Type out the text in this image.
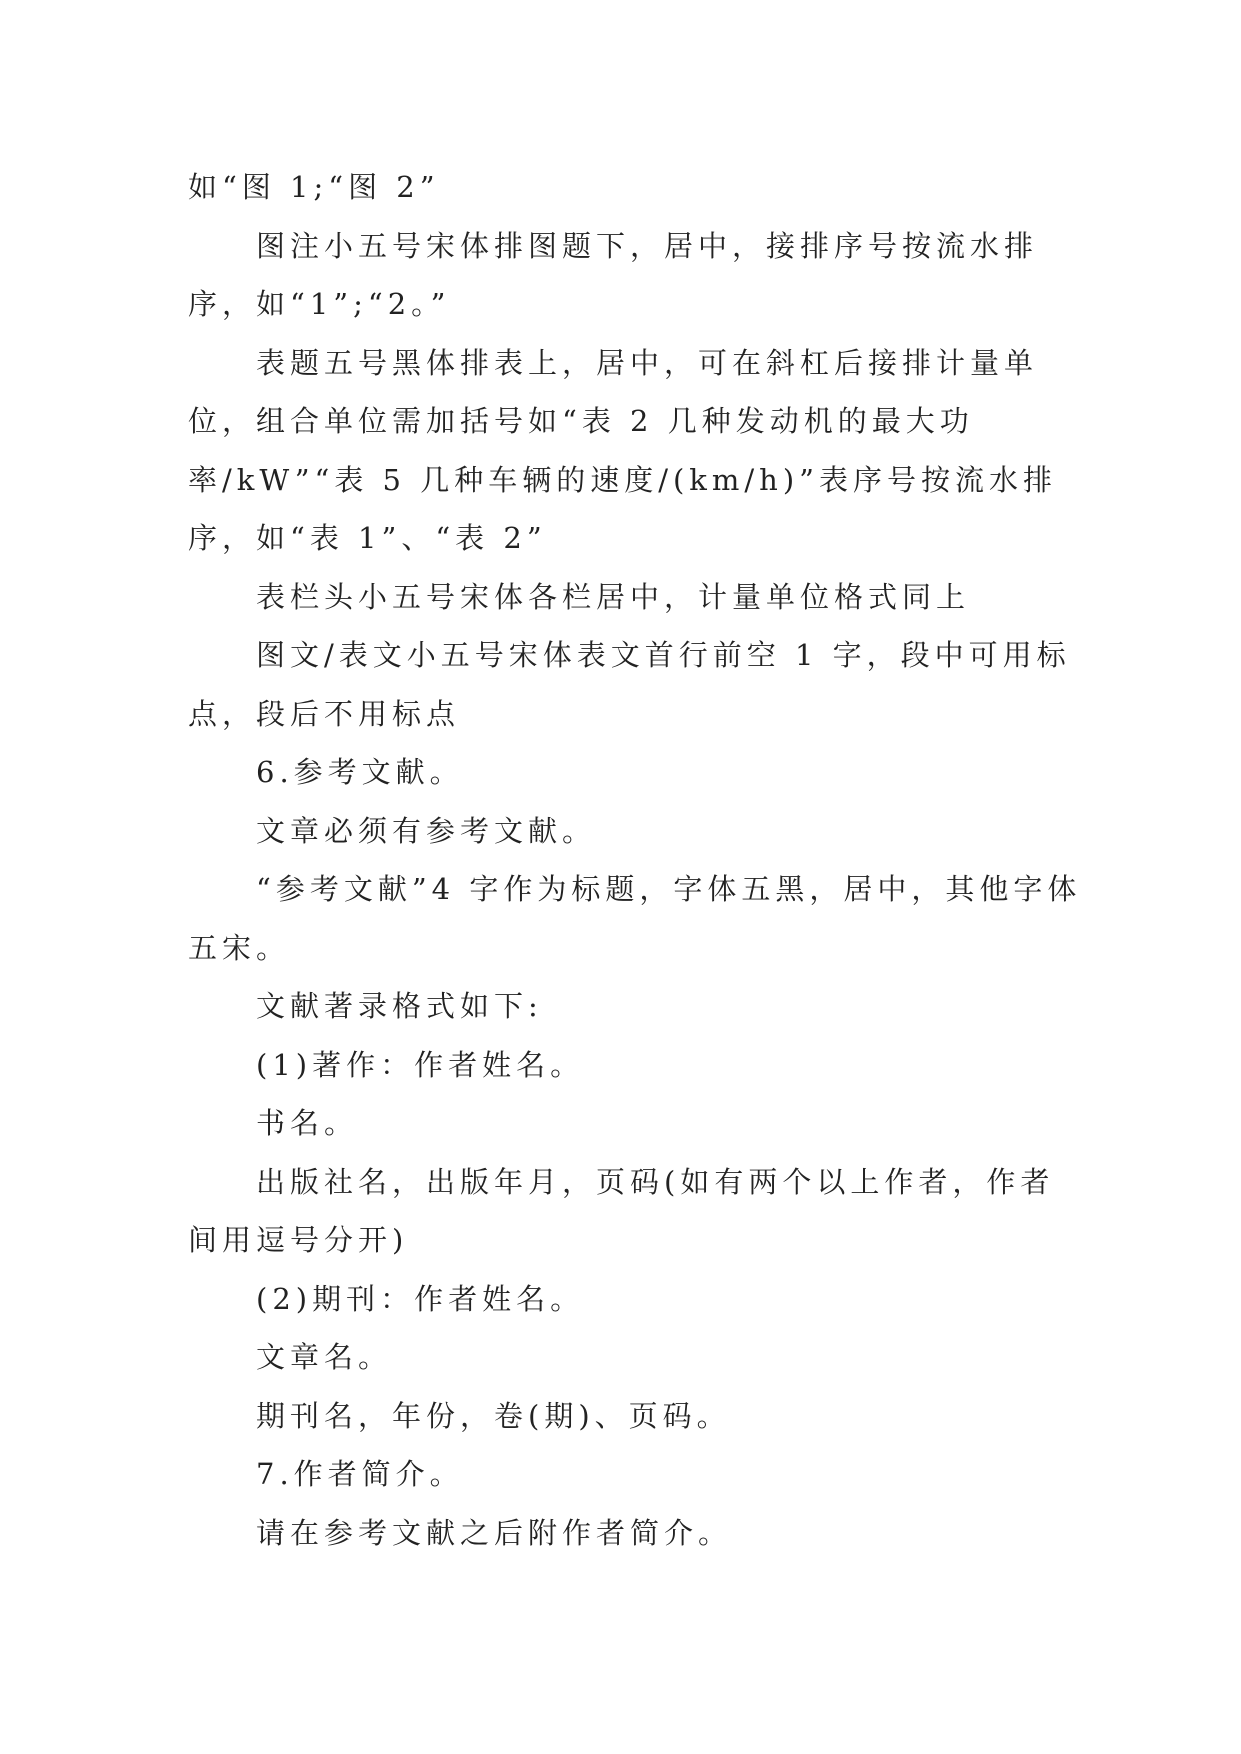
如“图 1;“图 2”

图注小五号宋体排图题下，居中，接排序号按流水排序，如“1”;“2。”

表题五号黑体排表上，居中，可在斜杠后接排计量单位，组合单位需加括号如“表 2 几种发动机的最大功率/kW”“表 5 几种车辆的速度/(km/h)”表序号按流水排序，如“表 1”、“表 2”

表栏头小五号宋体各栏居中，计量单位格式同上

图文/表文小五号宋体表文首行前空 1 字，段中可用标点，段后不用标点

6.参考文献。

文章必须有参考文献。

“参考文献”4 字作为标题，字体五黑，居中，其他字体五宋。

文献著录格式如下:

(1)著作：作者姓名。

书名。

出版社名，出版年月，页码(如有两个以上作者，作者间用逗号分开)

(2)期刊：作者姓名。

文章名。

期刊名，年份，卷(期)、页码。

7.作者简介。

请在参考文献之后附作者简介。
